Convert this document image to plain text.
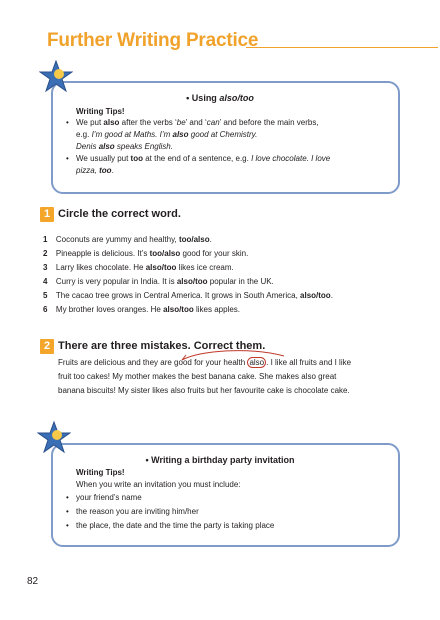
Further Writing Practice
• Using also/too
Writing Tips!
• We put also after the verbs ‘be’ and ‘can’ and before the main verbs,
e.g. I’m good at Maths. I’m also good at Chemistry.
Denis also speaks English.
• We usually put too at the end of a sentence, e.g. I love chocolate. I love
pizza, too.
1 Circle the correct word.
1 Coconuts are yummy and healthy, too/also.
2 Pineapple is delicious. It’s too/also good for your skin.
3 Larry likes chocolate. He also/too likes ice cream.
4 Curry is very popular in India. It is also/too popular in the UK.
5 The cacao tree grows in Central America. It grows in South America, also/too.
6 My brother loves oranges. He also/too likes apples.
2 There are three mistakes. Correct them.
Fruits are delicious and they are good for your health also . I like all fruits and I like
fruit too cakes! My mother makes the best banana cake. She makes also great
banana biscuits! My sister likes also fruits but her favourite cake is chocolate cake.
• Writing a birthday party invitation
Writing Tips!
When you write an invitation you must include:
• your friend’s name
• the reason you are inviting him/her
• the place, the date and the time the party is taking place
82
